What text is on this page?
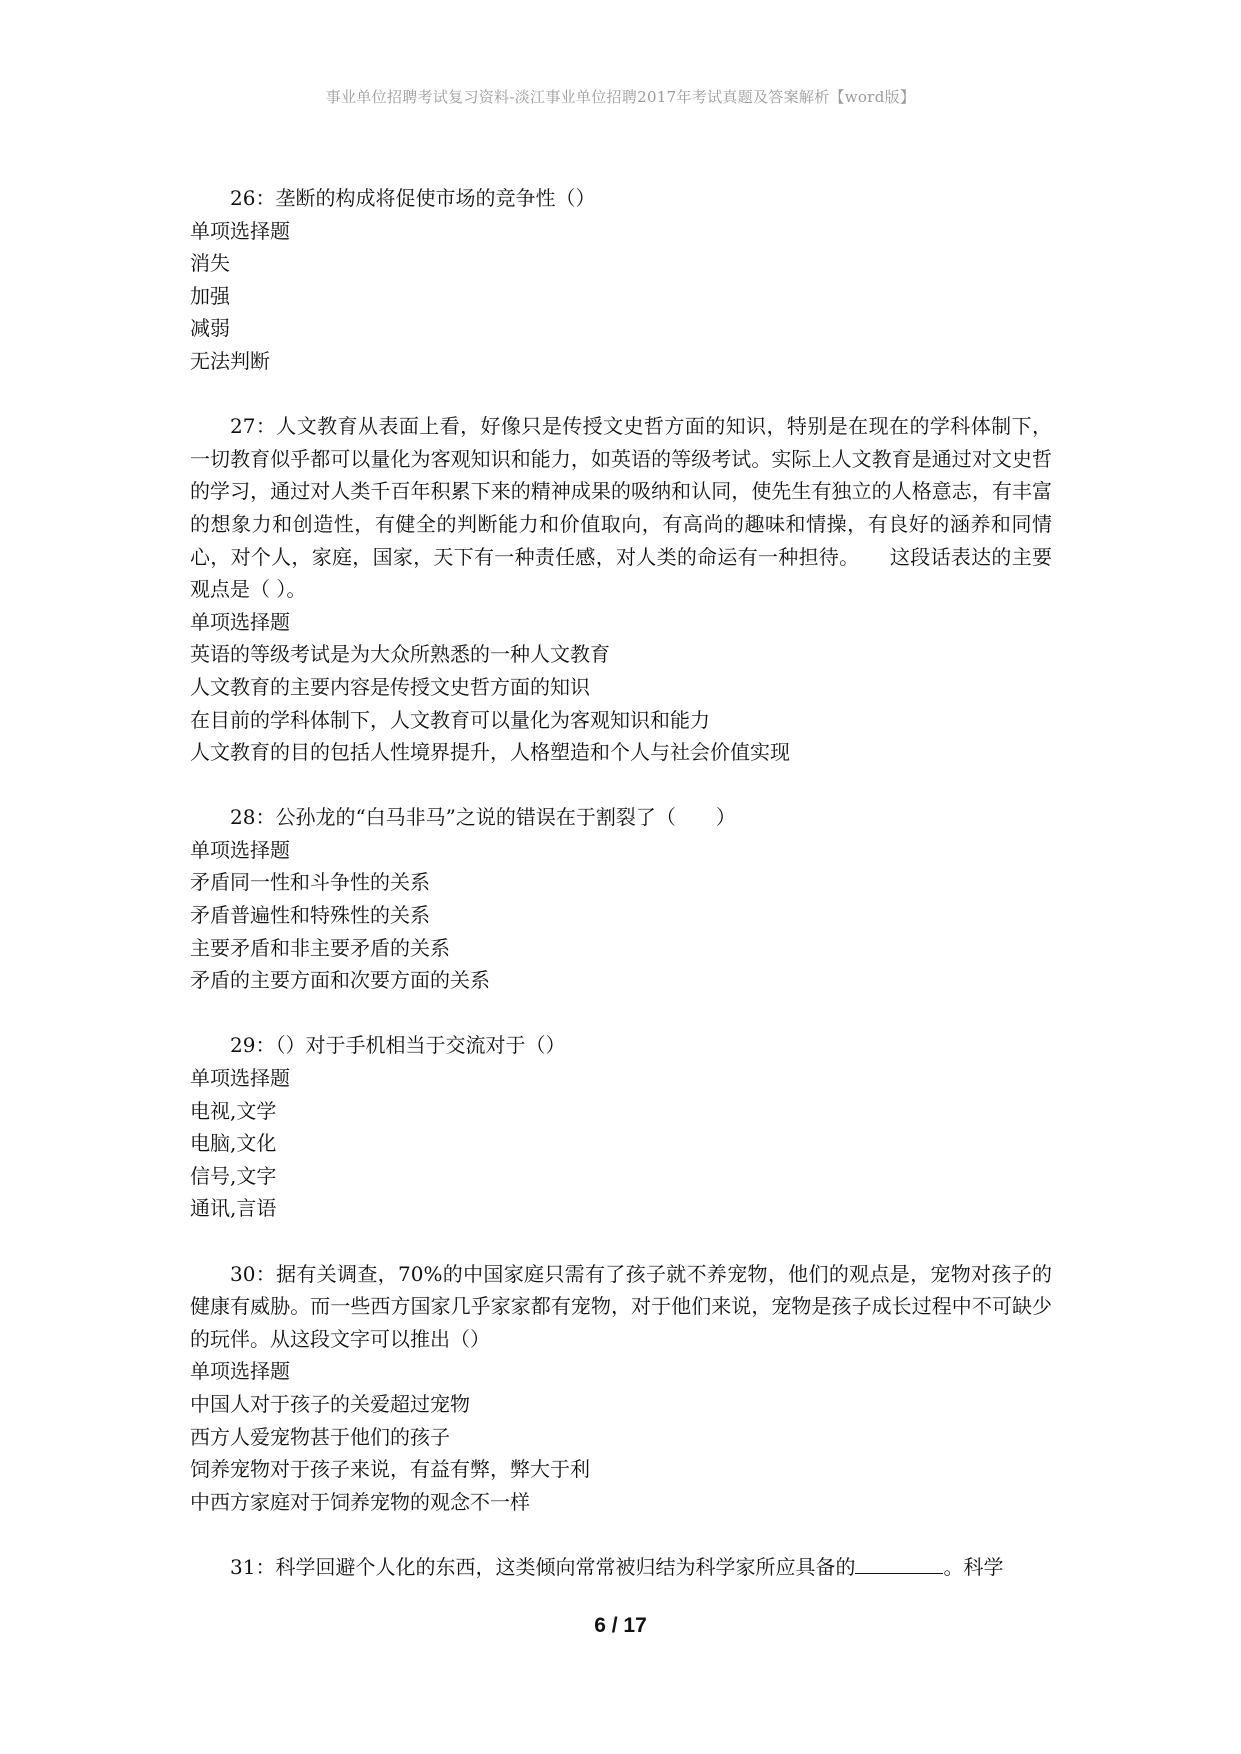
事业单位招聘考试复习资料-淡江事业单位招聘2017年考试真题及答案解析【word版】

26：垄断的构成将促使市场的竞争性（）

单项选择题

消失

加强

减弱

无法判断

27：人文教育从表面上看，好像只是传授文史哲方面的知识，特别是在现在的学科体制下，一切教育似乎都可以量化为客观知识和能力，如英语的等级考试。实际上人文教育是通过对文史哲的学习，通过对人类千百年积累下来的精神成果的吸纳和认同，使先生有独立的人格意志，有丰富的想象力和创造性，有健全的判断能力和价值取向，有高尚的趣味和情操，有良好的涵养和同情心，对个人，家庭，国家，天下有一种责任感，对人类的命运有一种担待。　　这段话表达的主要观点是（ ）。

单项选择题

英语的等级考试是为大众所熟悉的一种人文教育

人文教育的主要内容是传授文史哲方面的知识

在目前的学科体制下，人文教育可以量化为客观知识和能力

人文教育的目的包括人性境界提升，人格塑造和个人与社会价值实现

28：公孙龙的“白马非马”之说的错误在于割裂了（　　）

单项选择题

矛盾同一性和斗争性的关系

矛盾普遍性和特殊性的关系

主要矛盾和非主要矛盾的关系

矛盾的主要方面和次要方面的关系

29：（）对于手机相当于交流对于（）

单项选择题

电视,文学

电脑,文化

信号,文字

通讯,言语

30：据有关调查，70%的中国家庭只需有了孩子就不养宠物，他们的观点是，宠物对孩子的健康有威胁。而一些西方国家几乎家家都有宠物，对于他们来说，宠物是孩子成长过程中不可缺少的玩伴。从这段文字可以推出（）

单项选择题

中国人对于孩子的关爱超过宠物

西方人爱宠物甚于他们的孩子

饲养宠物对于孩子来说，有益有弊，弊大于利

中西方家庭对于饲养宠物的观念不一样

31：科学回避个人化的东西，这类倾向常常被归结为科学家所应具备的	。科学

6 / 17
